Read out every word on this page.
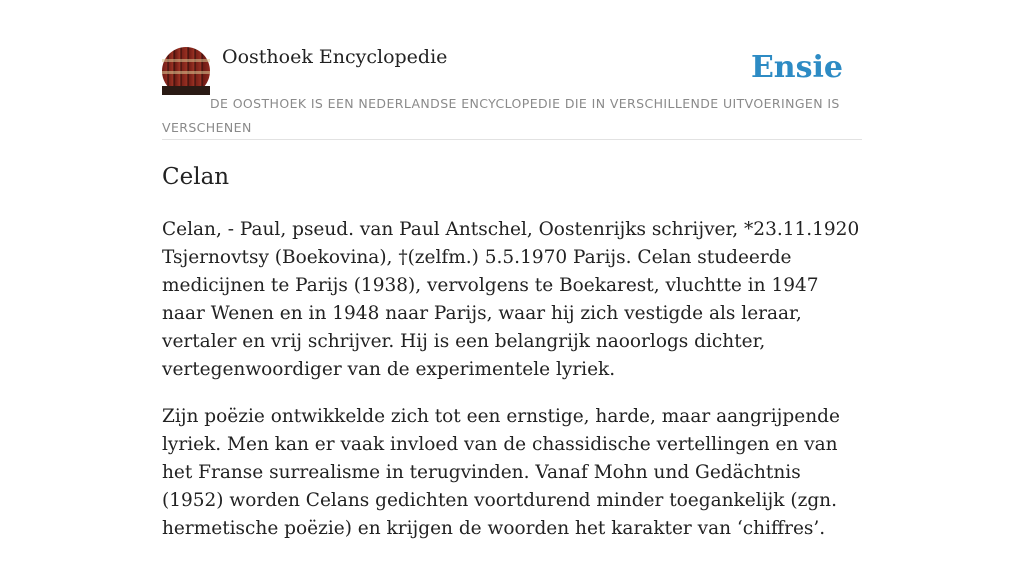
Oosthoek Encyclopedie	Ensie
DE OOSTHOEK IS EEN NEDERLANDSE ENCYCLOPEDIE DIE IN VERSCHILLENDE UITVOERINGEN IS VERSCHENEN
Celan

Celan, - Paul, pseud. van Paul Antschel, Oostenrijks schrijver, *23.11.1920 Tsjernovtsy (Boekovina), †(zelfm.) 5.5.1970 Parijs. Celan studeerde medicijnen te Parijs (1938), vervolgens te Boekarest, vluchtte in 1947 naar Wenen en in 1948 naar Parijs, waar hij zich vestigde als leraar, vertaler en vrij schrijver. Hij is een belangrijk naoorlogs dichter, vertegenwoordiger van de experimentele lyriek.

Zijn poëzie ontwikkelde zich tot een ernstige, harde, maar aangrijpende lyriek. Men kan er vaak invloed van de chassidische vertellingen en van het Franse surrealisme in terugvinden. Vanaf Mohn und Gedächtnis (1952) worden Celans gedichten voortdurend minder toegankelijk (zgn. hermetische poëzie) en krijgen de woorden het karakter van ‘chiffres’.
